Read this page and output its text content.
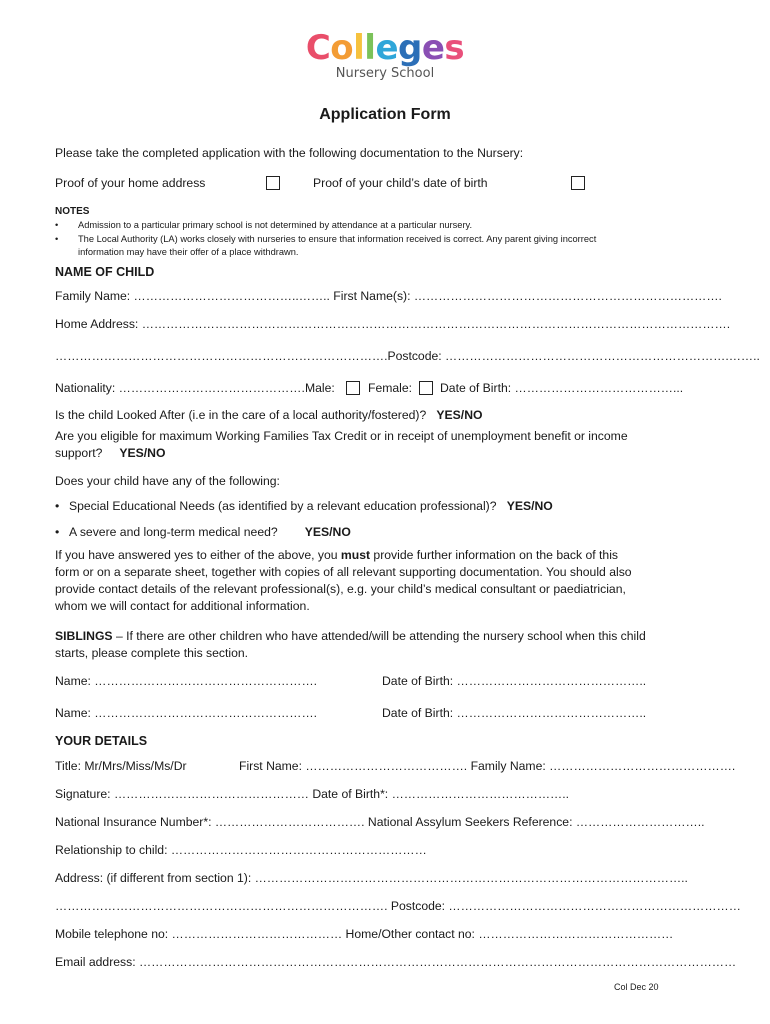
Colleges
Nursery School
Application Form
Please take the completed application with the following documentation to the Nursery:
Proof of your home address	Proof of your child’s date of birth
NOTES
• Admission to a particular primary school is not determined by attendance at a particular nursery.
• The Local Authority (LA) works closely with nurseries to ensure that information received is correct. Any parent giving incorrect
information may have their offer of a place withdrawn.
NAME OF CHILD
Family Name: …………………………………..…….. First Name(s): ………………………………………………………………….
Home Address: ……………………………………………………………………………………………………………………………….
……………………………………………………………………….Postcode: …………………………………………………………….……..
Nationality: ………………………………………. Male:	Female: Date of Birth: …………………………………...
Is the child Looked After (i.e in the care of a local authority/fostered)? YES/NO
Are you eligible for maximum Working Families Tax Credit or in receipt of unemployment benefit or income
support? YES/NO
Does your child have any of the following:
• Special Educational Needs (as identified by a relevant education professional)? YES/NO
• A severe and long-term medical need? YES/NO
If you have answered yes to either of the above, you must provide further information on the back of this
form or on a separate sheet, together with copies of all relevant supporting documentation. You should also
provide contact details of the relevant professional(s), e.g. your child’s medical consultant or paediatrician,
whom we will contact for additional information.
SIBLINGS – If there are other children who have attended/will be attending the nursery school when this child
starts, please complete this section.
Name: ……………………………………………….	Date of Birth: ………………………………………..
Name: ……………………………………………….	Date of Birth: ………………………………………..
YOUR DETAILS
Title: Mr/Mrs/Miss/Ms/Dr	First Name: …………………………………. Family Name: ……………………………………….
Signature: ………………………………………… Date of Birth*: ……………………………………..
National Insurance Number*: ………………………………. National Assylum Seekers Reference: …………………………..
Relationship to child: ………………………………………………………
Address: (if different from section 1): ……………………………………………………………………………………………..
………………………………………………………………………. Postcode: ………………………………………………………………
Mobile telephone no: …………………………………… Home/Other contact no: …………………………………………
Email address: …………………………………………………………………………………………………………………………………
Col Dec 20
